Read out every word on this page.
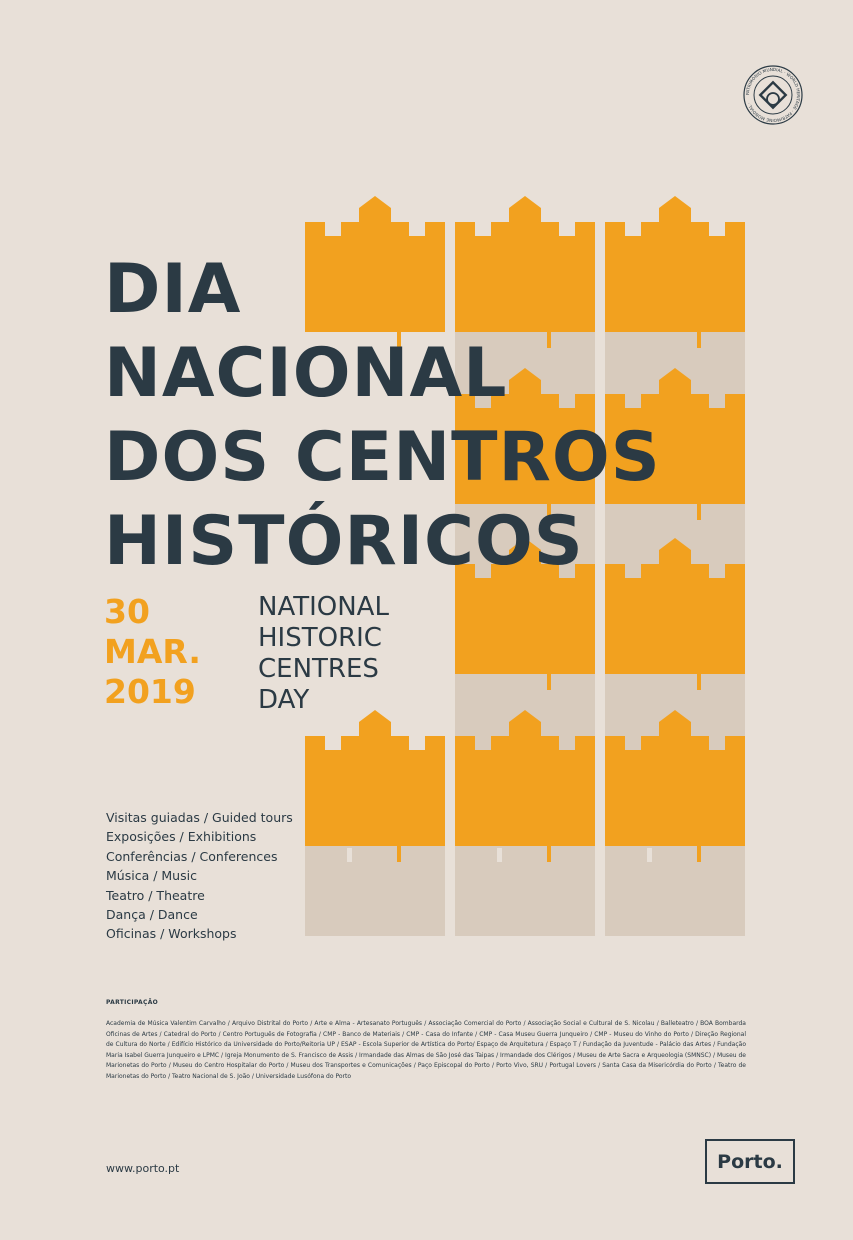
PATRIMÓNIO MUNDIAL · WORLD HERITAGE · PATRIMOINE MONDIAL ·
DIA
NACIONAL
DOS CENTROS
HISTÓRICOS
30
MAR.
2019
NATIONAL
HISTORIC
CENTRES
DAY
Visitas guiadas / Guided tours
Exposições / Exhibitions
Conferências / Conferences
Música / Music
Teatro / Theatre
Dança / Dance
Oficinas / Workshops
PARTICIPAÇÃO
Academia de Música Valentim Carvalho / Arquivo Distrital do Porto / Arte e Alma - Artesanato Português / Associação Comercial do Porto / Associação Social e Cultural de S. Nicolau / Balleteatro / BOA Bombarda Oficinas de Artes / Catedral do Porto / Centro Português de Fotografia / CMP - Banco de Materiais / CMP - Casa do Infante / CMP - Casa Museu Guerra Junqueiro / CMP - Museu do Vinho do Porto / Direção Regional de Cultura do Norte / Edifício Histórico da Universidade do Porto/Reitoria UP / ESAP - Escola Superior de Artística do Porto/ Espaço de Arquitetura / Espaço T / Fundação da Juventude - Palácio das Artes / Fundação Maria Isabel Guerra Junqueiro e LPMC / Igreja Monumento de S. Francisco de Assis / Irmandade das Almas de São José das Taipas / Irmandade dos Clérigos / Museu de Arte Sacra e Arqueologia (SMNSC) / Museu de Marionetas do Porto / Museu do Centro Hospitalar do Porto / Museu dos Transportes e Comunicações / Paço Episcopal do Porto / Porto Vivo, SRU / Portugal Lovers / Santa Casa da Misericórdia do Porto / Teatro de Marionetas do Porto / Teatro Nacional de S. João / Universidade Lusófona do Porto
www.porto.pt	Porto.
